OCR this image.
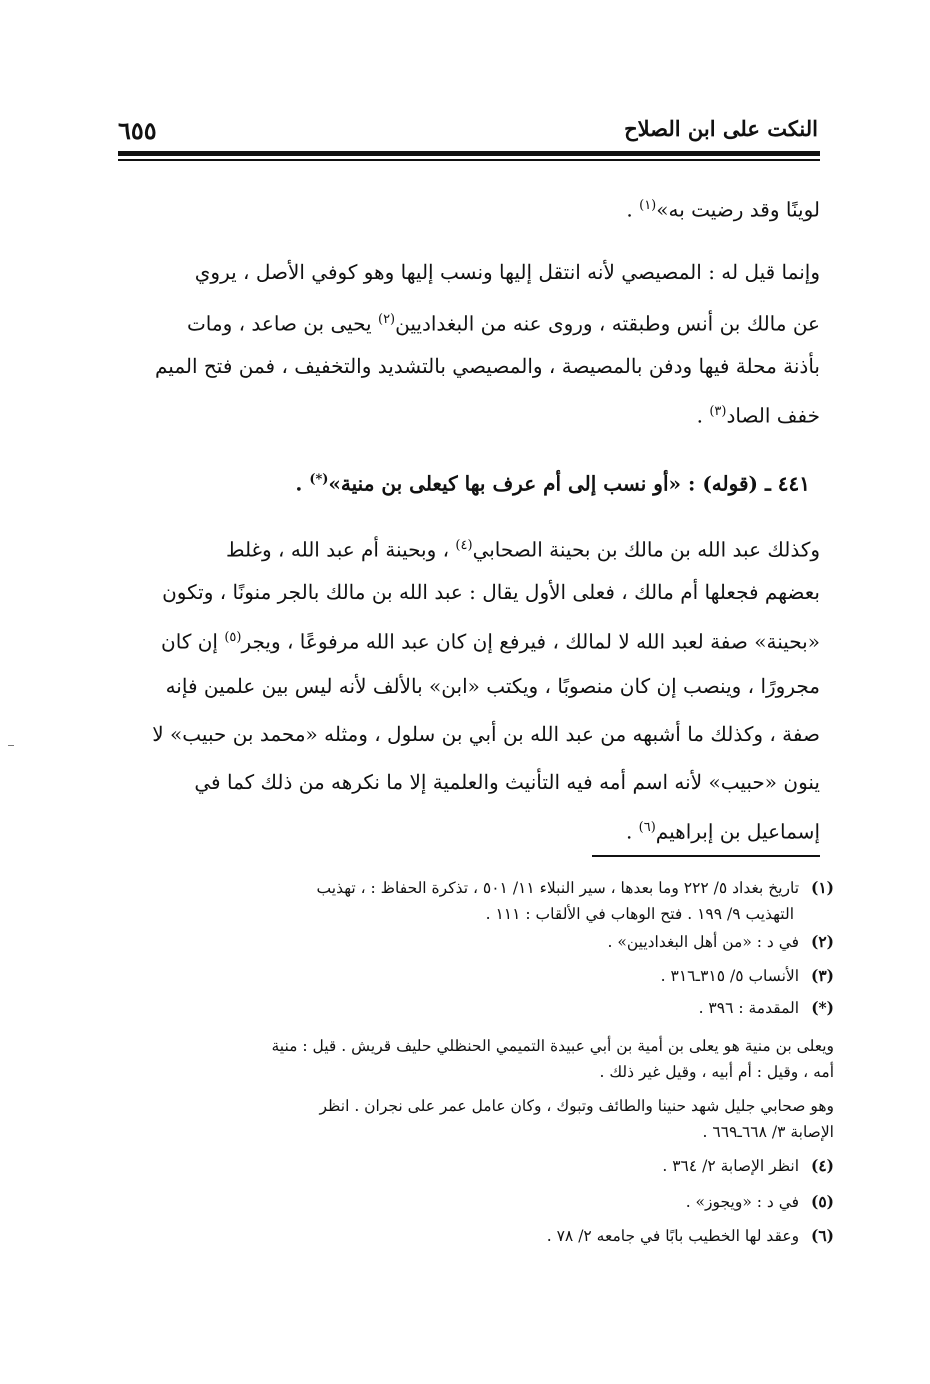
النكت على ابن الصلاح
٦٥٥
لوينًا وقد رضيت به»$^{(١)}$ .
وإنما قيل له : المصيصي لأنه انتقل إليها ونسب إليها وهو كوفي الأصل ، يروي
عن مالك بن أنس وطبقته ، وروى عنه من البغداديين$^{(٢)}$ يحيى بن صاعد ، ومات
بأذنة محلة فيها ودفن بالمصيصة ، والمصيصي بالتشديد والتخفيف ، فمن فتح الميم
خفف الصاد$^{(٣)}$ .
٤٤١ ـ (قوله) : «أو نسب إلى أم عرف بها كيعلى بن منية»(*) .
وكذلك عبد الله بن مالك بن بحينة الصحابي$^{(٤)}$ ، وبحينة أم عبد الله ، وغلط
بعضهم فجعلها أم مالك ، فعلى الأول يقال : عبد الله بن مالك بالجر منونًا ، وتكون
«بحينة» صفة لعبد الله لا لمالك ، فيرفع إن كان عبد الله مرفوعًا ، ويجر$^{(٥)}$ إن كان
مجرورًا ، وينصب إن كان منصوبًا ، ويكتب «ابن» بالألف لأنه ليس بين علمين فإنه
صفة ، وكذلك ما أشبهه من عبد الله بن أبي بن سلول ، ومثله «محمد بن حبيب» لا
ينون «حبيب» لأنه اسم أمه فيه التأنيث والعلمية إلا ما نكرهه من ذلك كما في
إسماعيل بن إبراهيم$^{(٦)}$ .
(١) تاريخ بغداد ٥/ ٢٢٢ وما بعدها ، سير النبلاء ١١/ ٥٠١ ، تذكرة الحفاظ : ، تهذيب
التهذيب ٩/ ١٩٩ . فتح الوهاب في الألقاب : ١١١ .
(٢) في د : «من أهل البغداديين» .
(٣) الأنساب ٥/ ٣١٥ـ٣١٦ .
(*) المقدمة : ٣٩٦ .
ويعلى بن منية هو يعلى بن أمية بن أبي عبيدة التميمي الحنظلي حليف قريش . قيل : منية
أمه ، وقيل : أم أبيه ، وقيل غير ذلك .
وهو صحابي جليل شهد حنينا والطائف وتبوك ، وكان عامل عمر على نجران . انظر
الإصابة ٣/ ٦٦٨ـ٦٦٩ .
(٤) انظر الإصابة ٢/ ٣٦٤ .
(٥) في د : «ويجوز» .
(٦) وعقد لها الخطيب بابًا في جامعه ٢/ ٧٨ .
